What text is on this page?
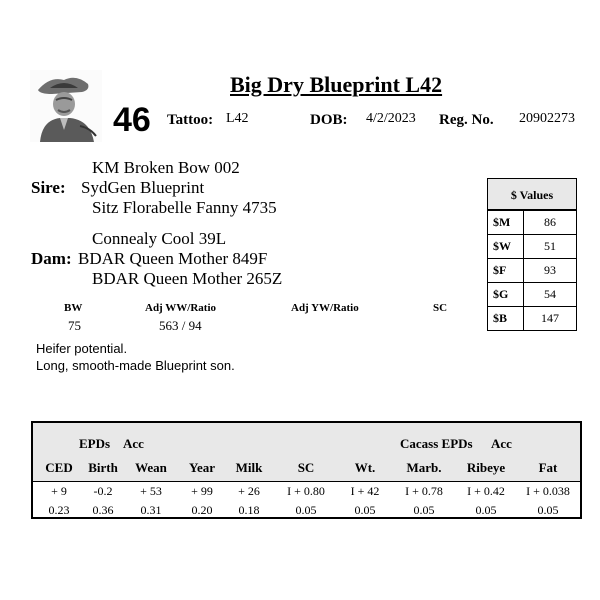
Big Dry Blueprint L42
46 Tattoo: L42	DOB: 4/2/2023 Reg. No. 20902273
KM Broken Bow 002
Sire: SydGen Blueprint
Sitz Florabelle Fanny 4735
Connealy Cool 39L
Dam: BDAR Queen Mother 849F
BDAR Queen Mother 265Z
$ Values
$M	86
$W	51
$F	93
$G	54
$B	147
BW	Adj WW/Ratio	Adj YW/Ratio	SC
75	563 / 94
Heifer potential.
Long, smooth-made Blueprint son.
EPDs Acc	Cacass EPDs Acc
CED	Birth	Wean	Year	Milk	SC	Wt.	Marb.	Ribeye	Fat
+ 9	-0.2	+ 53	+ 99	+ 26	I + 0.80	I + 42	I + 0.78	I + 0.42	I + 0.038
0.23	0.36	0.31	0.20	0.18	0.05	0.05	0.05	0.05	0.05
